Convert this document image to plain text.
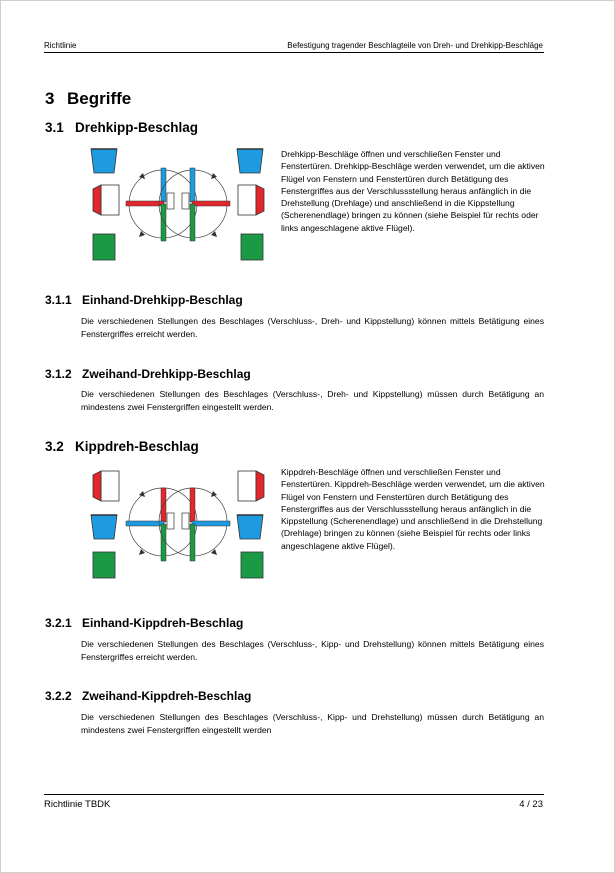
Richtlinie	Befestigung tragender Beschlagteile von Dreh- und Drehkipp-Beschläge
3 Begriffe
3.1 Drehkipp-Beschlag
Drehkipp-Beschläge öffnen und verschließen Fenster und Fenstertüren. Drehkipp-Beschläge werden verwendet, um die aktiven Flügel von Fenstern und Fenstertüren durch Betätigung des Fenstergriffes aus der Verschlussstellung heraus anfänglich in die Drehstellung (Drehlage) und anschließend in die Kippstellung (Scherenendlage) bringen zu können (siehe Beispiel für rechts oder links angeschlagene aktive Flügel).
3.1.1 Einhand-Drehkipp-Beschlag
Die verschiedenen Stellungen des Beschlages (Verschluss-, Dreh- und Kippstellung) können mittels Betätigung eines Fenstergriffes erreicht werden.
3.1.2 Zweihand-Drehkipp-Beschlag
Die verschiedenen Stellungen des Beschlages (Verschluss-, Dreh- und Kippstellung) müssen durch Betätigung an mindestens zwei Fenstergriffen eingestellt werden.
3.2 Kippdreh-Beschlag
Kippdreh-Beschläge öffnen und verschließen Fenster und Fenstertüren. Kippdreh-Beschläge werden verwendet, um die aktiven Flügel von Fenstern und Fenstertüren durch Betätigung des Fenstergriffes aus der Verschlussstellung heraus anfänglich in die Kippstellung (Scherenendlage) und anschließend in die Drehstellung (Drehlage) bringen zu können (siehe Beispiel für rechts oder links angeschlagene aktive Flügel).
3.2.1 Einhand-Kippdreh-Beschlag
Die verschiedenen Stellungen des Beschlages (Verschluss-, Kipp- und Drehstellung) können mittels Betätigung eines Fenstergriffes erreicht werden.
3.2.2 Zweihand-Kippdreh-Beschlag
Die verschiedenen Stellungen des Beschlages (Verschluss-, Kipp- und Drehstellung) müssen durch Betätigung an mindestens zwei Fenstergriffen eingestellt werden
Richtlinie TBDK	4 / 23
